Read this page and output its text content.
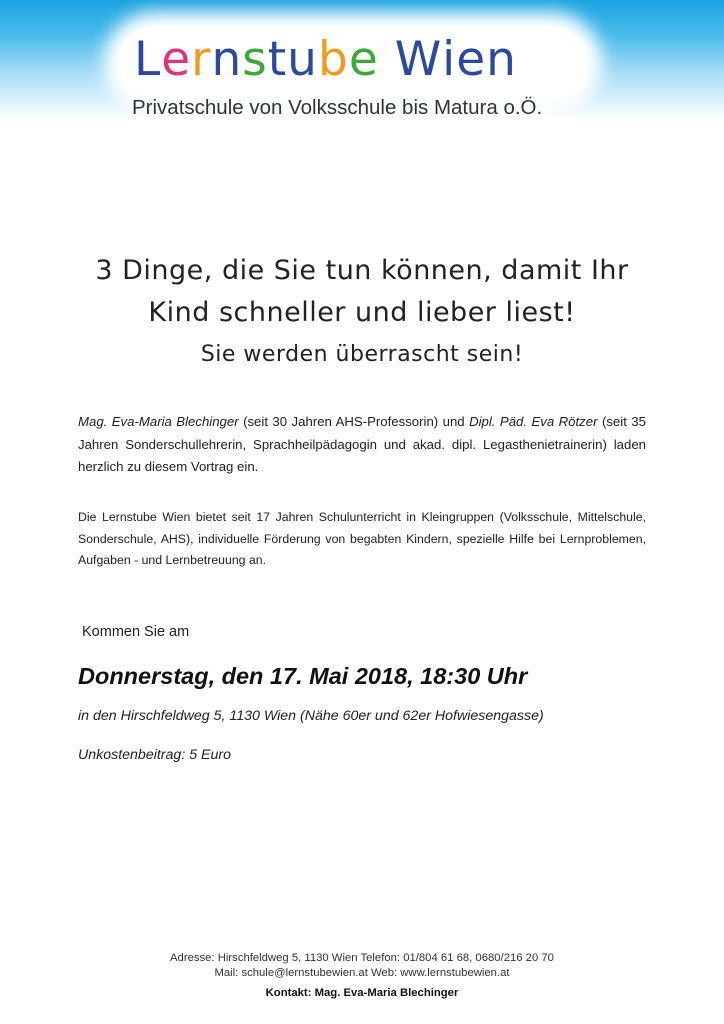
Lernstube Wien
Privatschule von Volksschule bis Matura o.Ö.
3 Dinge, die Sie tun können, damit Ihr
Kind schneller und lieber liest!
Sie werden überrascht sein!
Mag. Eva-Maria Blechinger (seit 30 Jahren AHS-Professorin) und Dipl. Päd. Eva Rötzer (seit 35 Jahren Sonderschullehrerin, Sprachheilpädagogin und akad. dipl. Legasthenietrainerin) laden herzlich zu diesem Vortrag ein.
Die Lernstube Wien bietet seit 17 Jahren Schulunterricht in Kleingruppen (Volksschule, Mittelschule, Sonderschule, AHS), individuelle Förderung von begabten Kindern, spezielle Hilfe bei Lernproblemen, Aufgaben - und Lernbetreuung an.
Kommen Sie am
Donnerstag, den 17. Mai 2018, 18:30 Uhr
in den Hirschfeldweg 5, 1130 Wien (Nähe 60er und 62er Hofwiesengasse)
Unkostenbeitrag: 5 Euro
Adresse: Hirschfeldweg 5, 1130 Wien Telefon: 01/804 61 68, 0680/216 20 70
Mail: schule@lernstubewien.at Web: www.lernstubewien.at
Kontakt: Mag. Eva-Maria Blechinger
